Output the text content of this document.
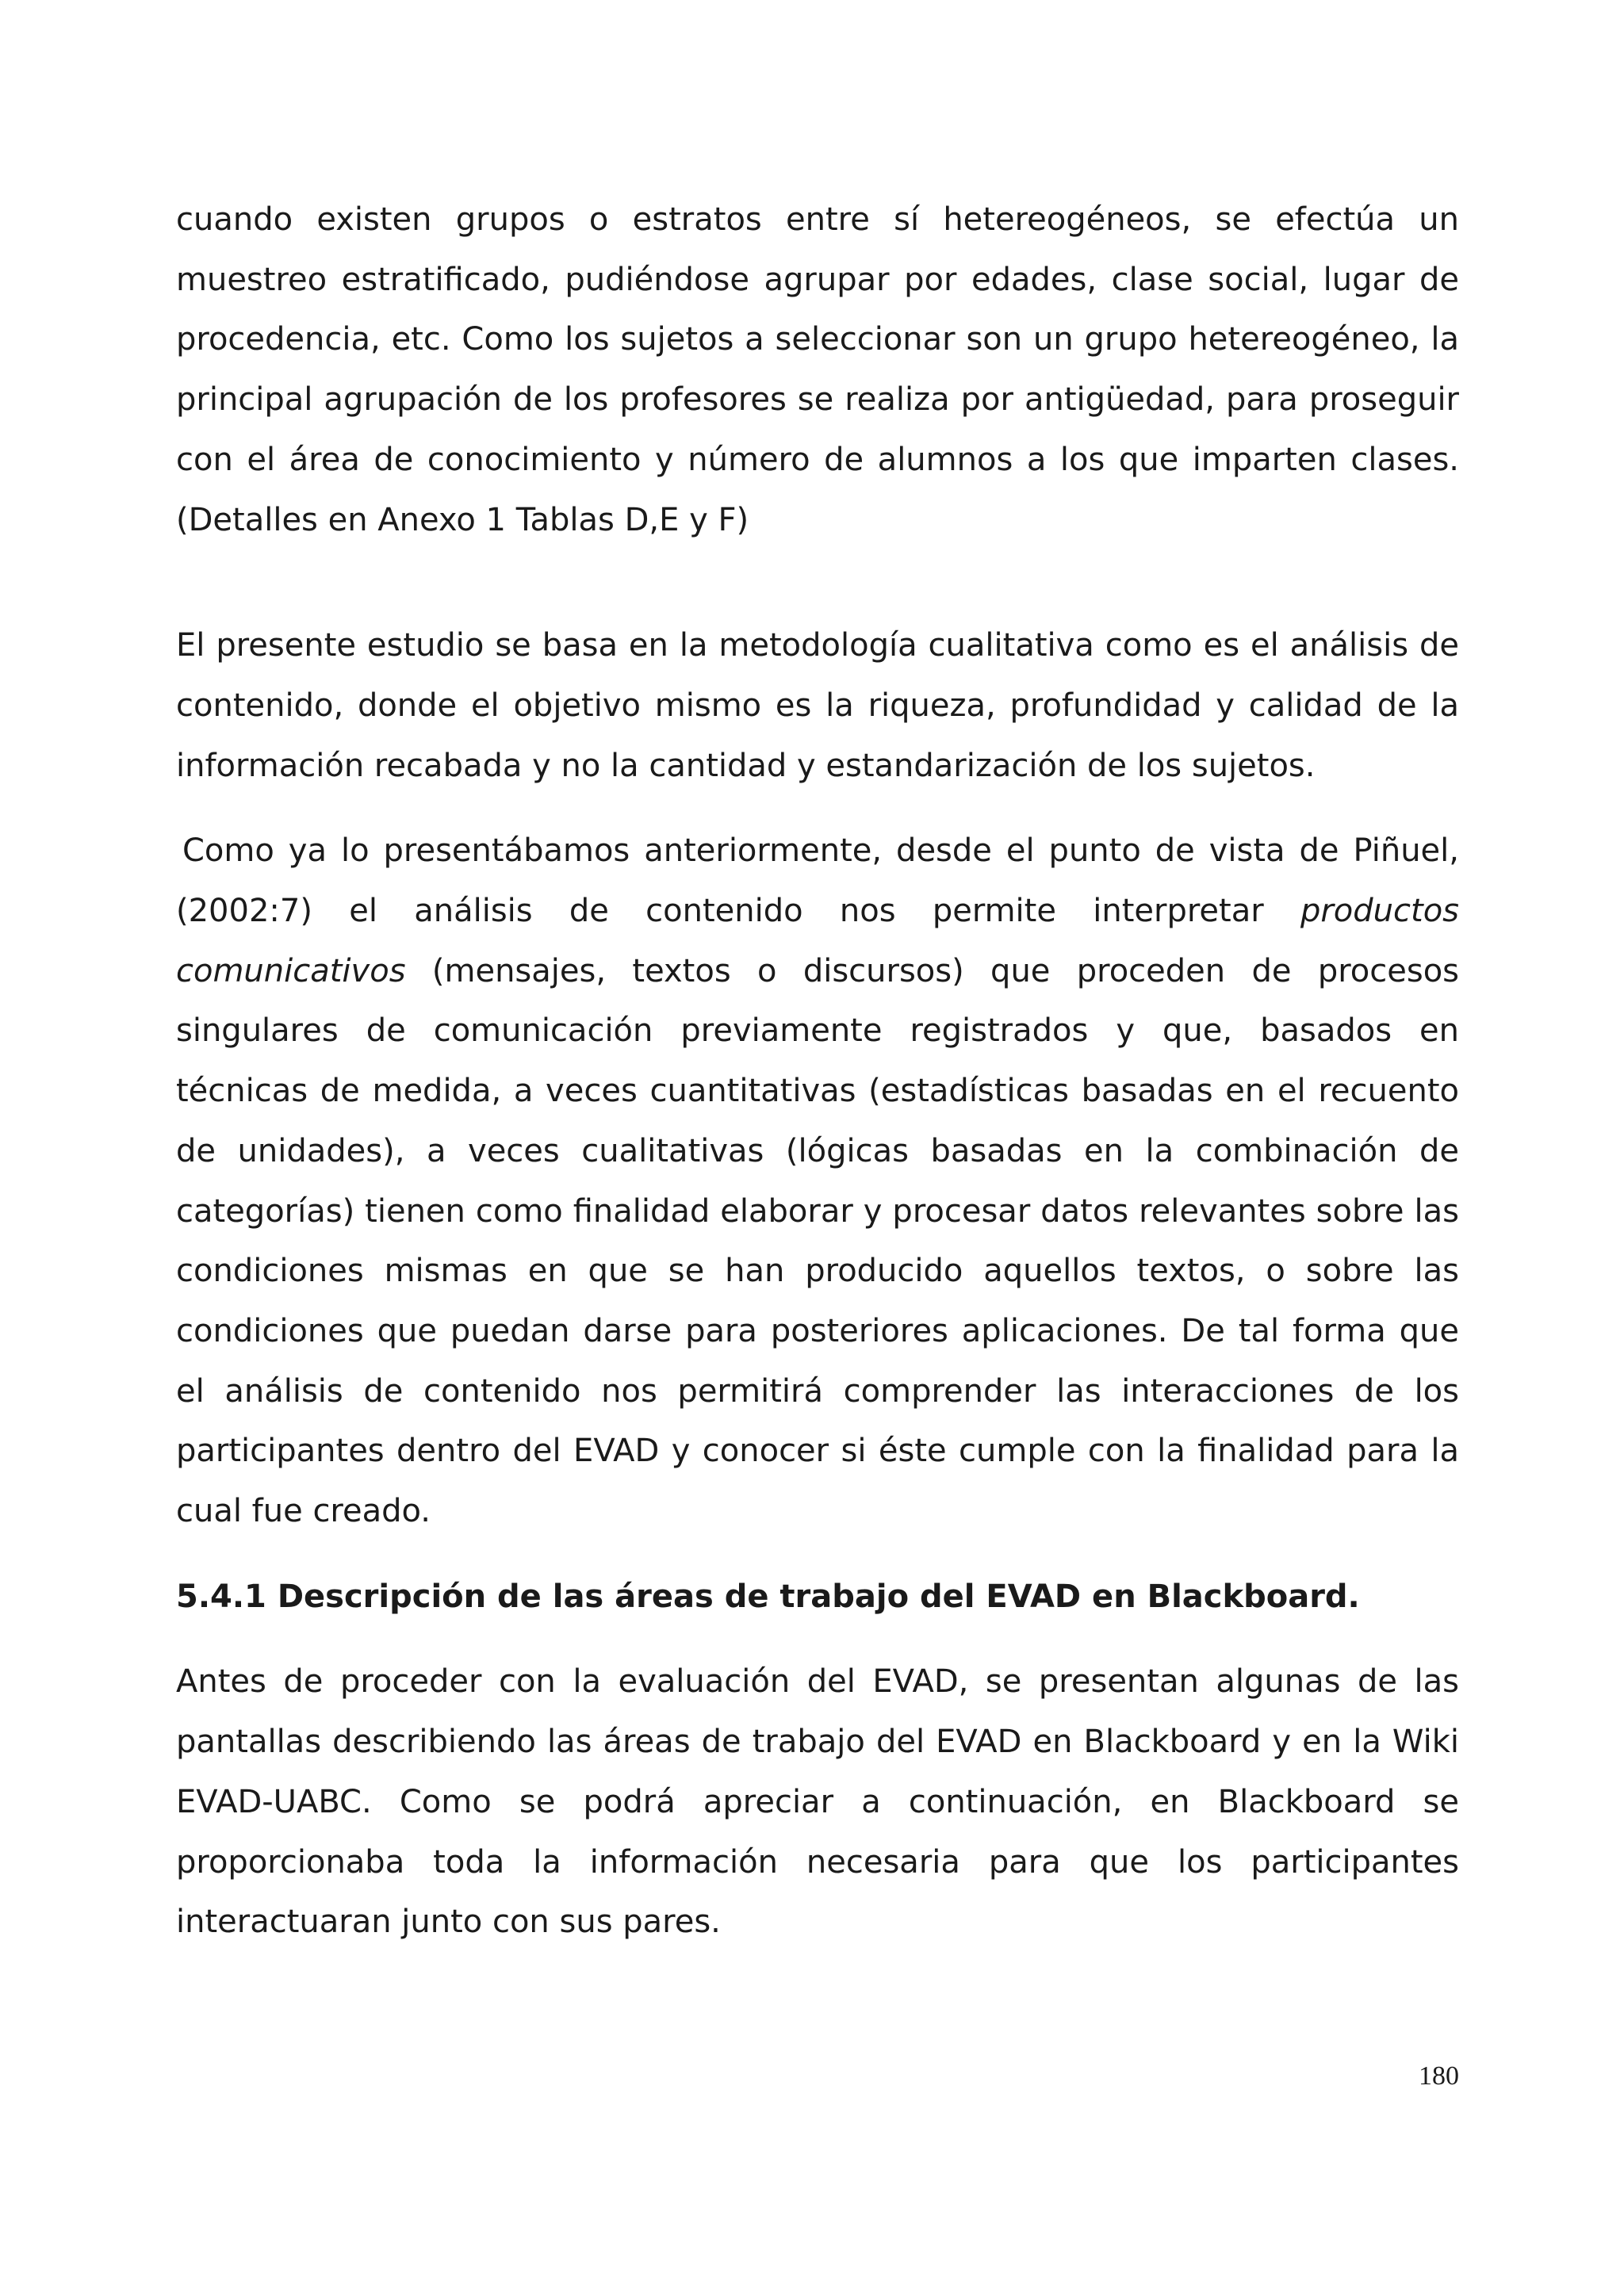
cuando existen grupos o estratos entre sí hetereogéneos, se efectúa un muestreo estratificado, pudiéndose agrupar por edades, clase social, lugar de procedencia, etc. Como los sujetos a seleccionar son un grupo hetereogéneo, la principal agrupación de los profesores se realiza por antigüedad, para proseguir con el área de conocimiento y número de alumnos a los que imparten clases. (Detalles en Anexo 1 Tablas D,E y F)

El presente estudio se basa en la metodología cualitativa como es el análisis de contenido, donde el objetivo mismo es la riqueza, profundidad y calidad de la información recabada y no la cantidad y estandarización de los sujetos.

Como ya lo presentábamos anteriormente, desde el punto de vista de Piñuel, (2002:7) el análisis de contenido nos permite interpretar productos comunicativos (mensajes, textos o discursos) que proceden de procesos singulares de comunicación previamente registrados y que, basados en técnicas de medida, a veces cuantitativas (estadísticas basadas en el recuento de unidades), a veces cualitativas (lógicas basadas en la combinación de categorías) tienen como finalidad elaborar y procesar datos relevantes sobre las condiciones mismas en que se han producido aquellos textos, o sobre las condiciones que puedan darse para posteriores aplicaciones. De tal forma que el análisis de contenido nos permitirá comprender las interacciones de los participantes dentro del EVAD y conocer si éste cumple con la finalidad para la cual fue creado.

5.4.1 Descripción de las áreas de trabajo del EVAD en Blackboard.

Antes de proceder con la evaluación del EVAD, se presentan algunas de las pantallas describiendo las áreas de trabajo del EVAD en Blackboard y en la Wiki EVAD-UABC. Como se podrá apreciar a continuación, en Blackboard se proporcionaba toda la información necesaria para que los participantes interactuaran junto con sus pares.

180
